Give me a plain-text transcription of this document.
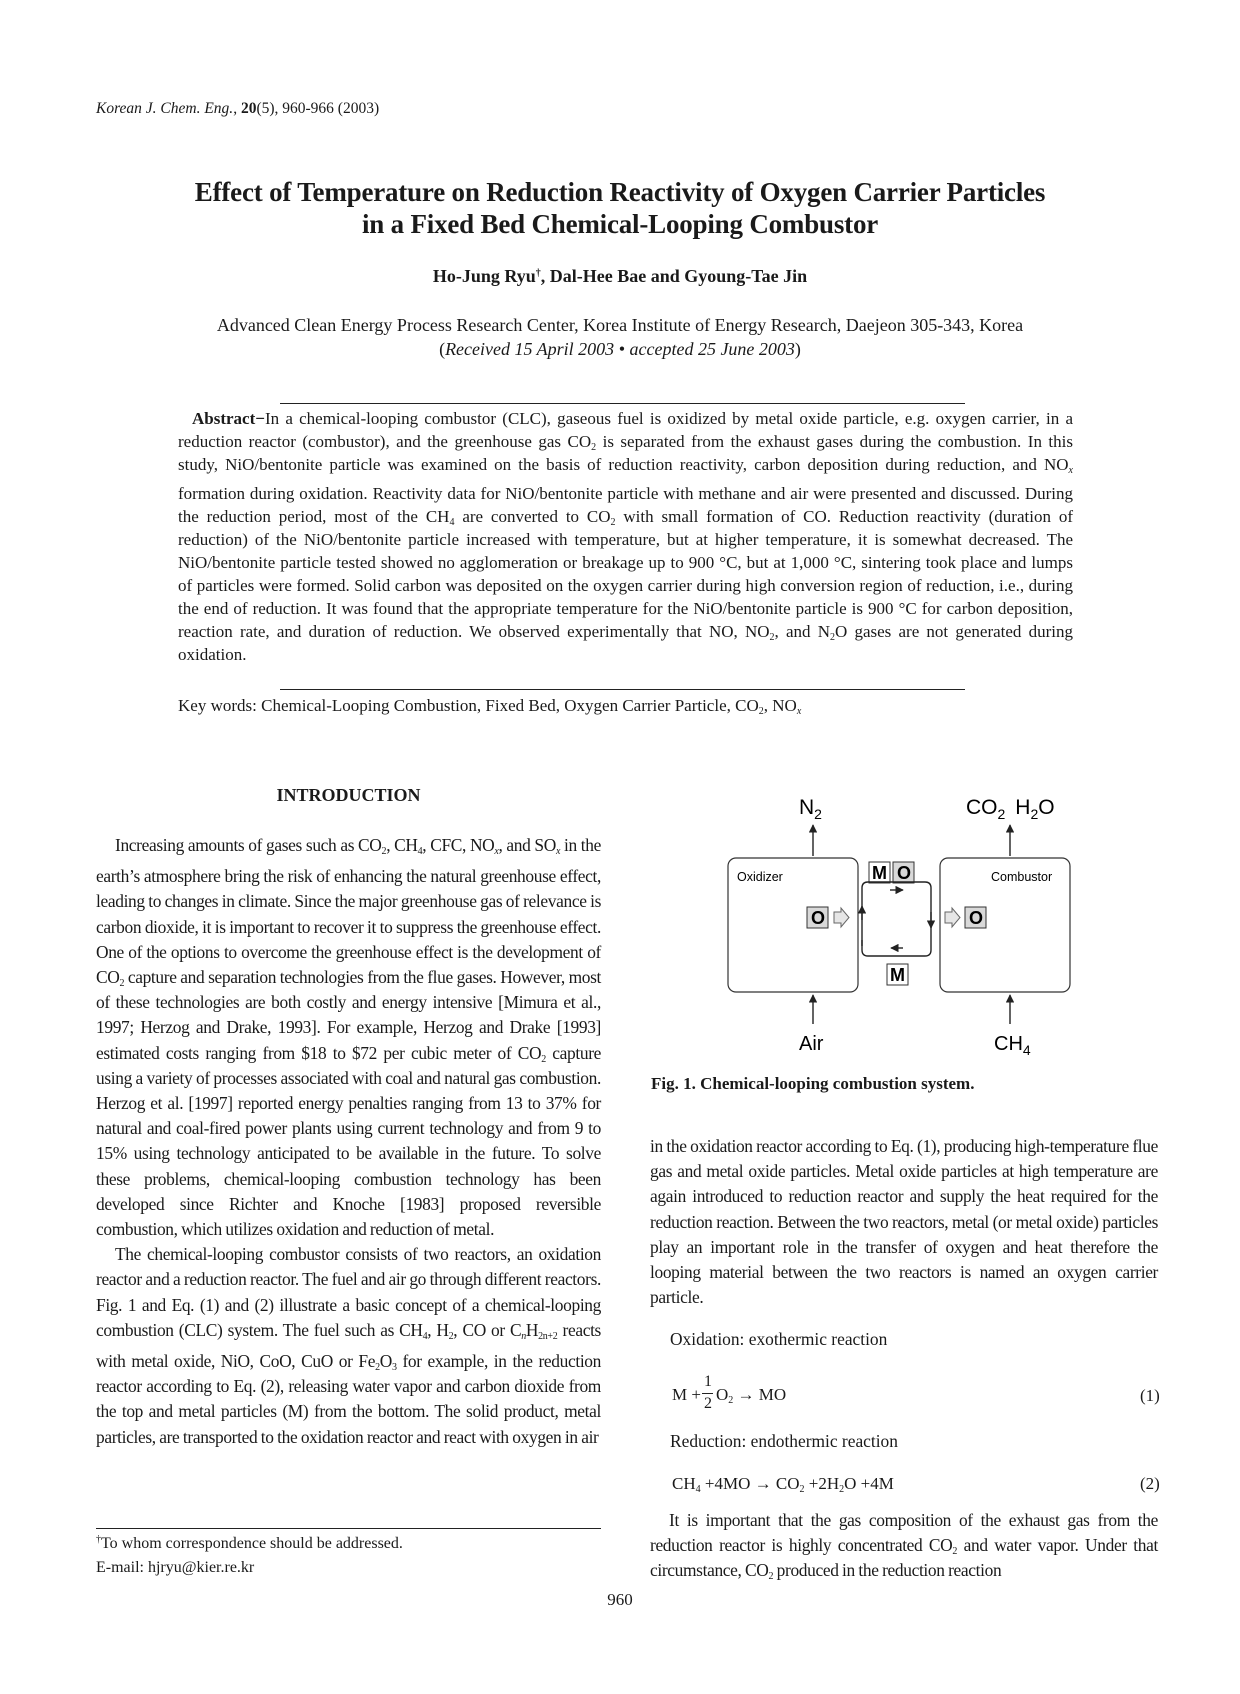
Korean J. Chem. Eng., 20(5), 960-966 (2003)
Effect of Temperature on Reduction Reactivity of Oxygen Carrier Particles
in a Fixed Bed Chemical-Looping Combustor
Ho-Jung Ryu†, Dal-Hee Bae and Gyoung-Tae Jin
Advanced Clean Energy Process Research Center, Korea Institute of Energy Research, Daejeon 305-343, Korea
(Received 15 April 2003 • accepted 25 June 2003)
Abstract−In a chemical-looping combustor (CLC), gaseous fuel is oxidized by metal oxide particle, e.g. oxygen carrier, in a reduction reactor (combustor), and the greenhouse gas $CO_2$ is separated from the exhaust gases during the combustion. In this study, NiO/bentonite particle was examined on the basis of reduction reactivity, carbon deposition during reduction, and NOx formation during oxidation. Reactivity data for NiO/bentonite particle with methane and air were presented and discussed. During the reduction period, most of the $CH_4$ are converted to $CO_2$ with small formation of CO. Reduction reactivity (duration of reduction) of the NiO/bentonite particle increased with temperature, but at higher temperature, it is somewhat decreased. The NiO/bentonite particle tested showed no agglomeration or breakage up to 900 °C, but at 1,000 °C, sintering took place and lumps of particles were formed. Solid carbon was deposited on the oxygen carrier during high conversion region of reduction, i.e., during the end of reduction. It was found that the appropriate temperature for the NiO/bentonite particle is 900 °C for carbon deposition, reaction rate, and duration of reduction. We observed experimentally that NO, $NO_2$, and $N_2O$ gases are not generated during oxidation.
Key words: Chemical-Looping Combustion, Fixed Bed, Oxygen Carrier Particle, $CO_2$, NOx
INTRODUCTION

Increasing amounts of gases such as $CO_2$, $CH_4$, CFC, NOx, and SOx in the earth’s atmosphere bring the risk of enhancing the natural greenhouse effect, leading to changes in climate. Since the major greenhouse gas of relevance is carbon dioxide, it is important to recover it to suppress the greenhouse effect. One of the options to overcome the greenhouse effect is the development of $CO_2$ capture and separation technologies from the flue gases. However, most of these technologies are both costly and energy intensive [Mimura et al., 1997; Herzog and Drake, 1993]. For example, Herzog and Drake [1993] estimated costs ranging from $18 to $72 per cubic meter of $CO_2$ capture using a variety of processes associated with coal and natural gas combustion. Herzog et al. [1997] reported energy penalties ranging from 13 to 37% for natural and coal-fired power plants using current technology and from 9 to 15% using technology anticipated to be available in the future. To solve these problems, chemical-looping combustion technology has been developed since Richter and Knoche [1983] proposed reversible combustion, which utilizes oxidation and reduction of metal.

The chemical-looping combustor consists of two reactors, an oxidation reactor and a reduction reactor. The fuel and air go through different reactors. Fig. 1 and Eq. (1) and (2) illustrate a basic concept of a chemical-looping combustion (CLC) system. The fuel such as $CH_4$, $H_2$, CO or CnH$_{2n+2}$ reacts with metal oxide, NiO, CoO, CuO or $Fe_2O_3$ for example, in the reduction reactor according to Eq. (2), releasing water vapor and carbon dioxide from the top and metal particles (M) from the bottom. The solid product, metal particles, are transported to the oxidation reactor and react with oxygen in air

†To whom correspondence should be addressed.
E-mail: hjryu@kier.re.kr
$N_2$	$CO_2$ $H_2O$
Oxidizer	Combustor
M O
O	O
M
Air	$CH_4$
Fig. 1. Chemical-looping combustion system.

in the oxidation reactor according to Eq. (1), producing high-temperature flue gas and metal oxide particles. Metal oxide particles at high temperature are again introduced to reduction reactor and supply the heat required for the reduction reaction. Between the two reactors, metal (or metal oxide) particles play an important role in the transfer of oxygen and heat therefore the looping material between the two reactors is named an oxygen carrier particle.

Oxidation: exothermic reaction
M +
1
2 O2 → MO	(1)
Reduction: endothermic reaction
CH4 +4MO → CO2 +2H2O +4M	(2)

It is important that the gas composition of the exhaust gas from the reduction reactor is highly concentrated $CO_2$ and water vapor. Under that circumstance, $CO_2$ produced in the reduction reaction

960
